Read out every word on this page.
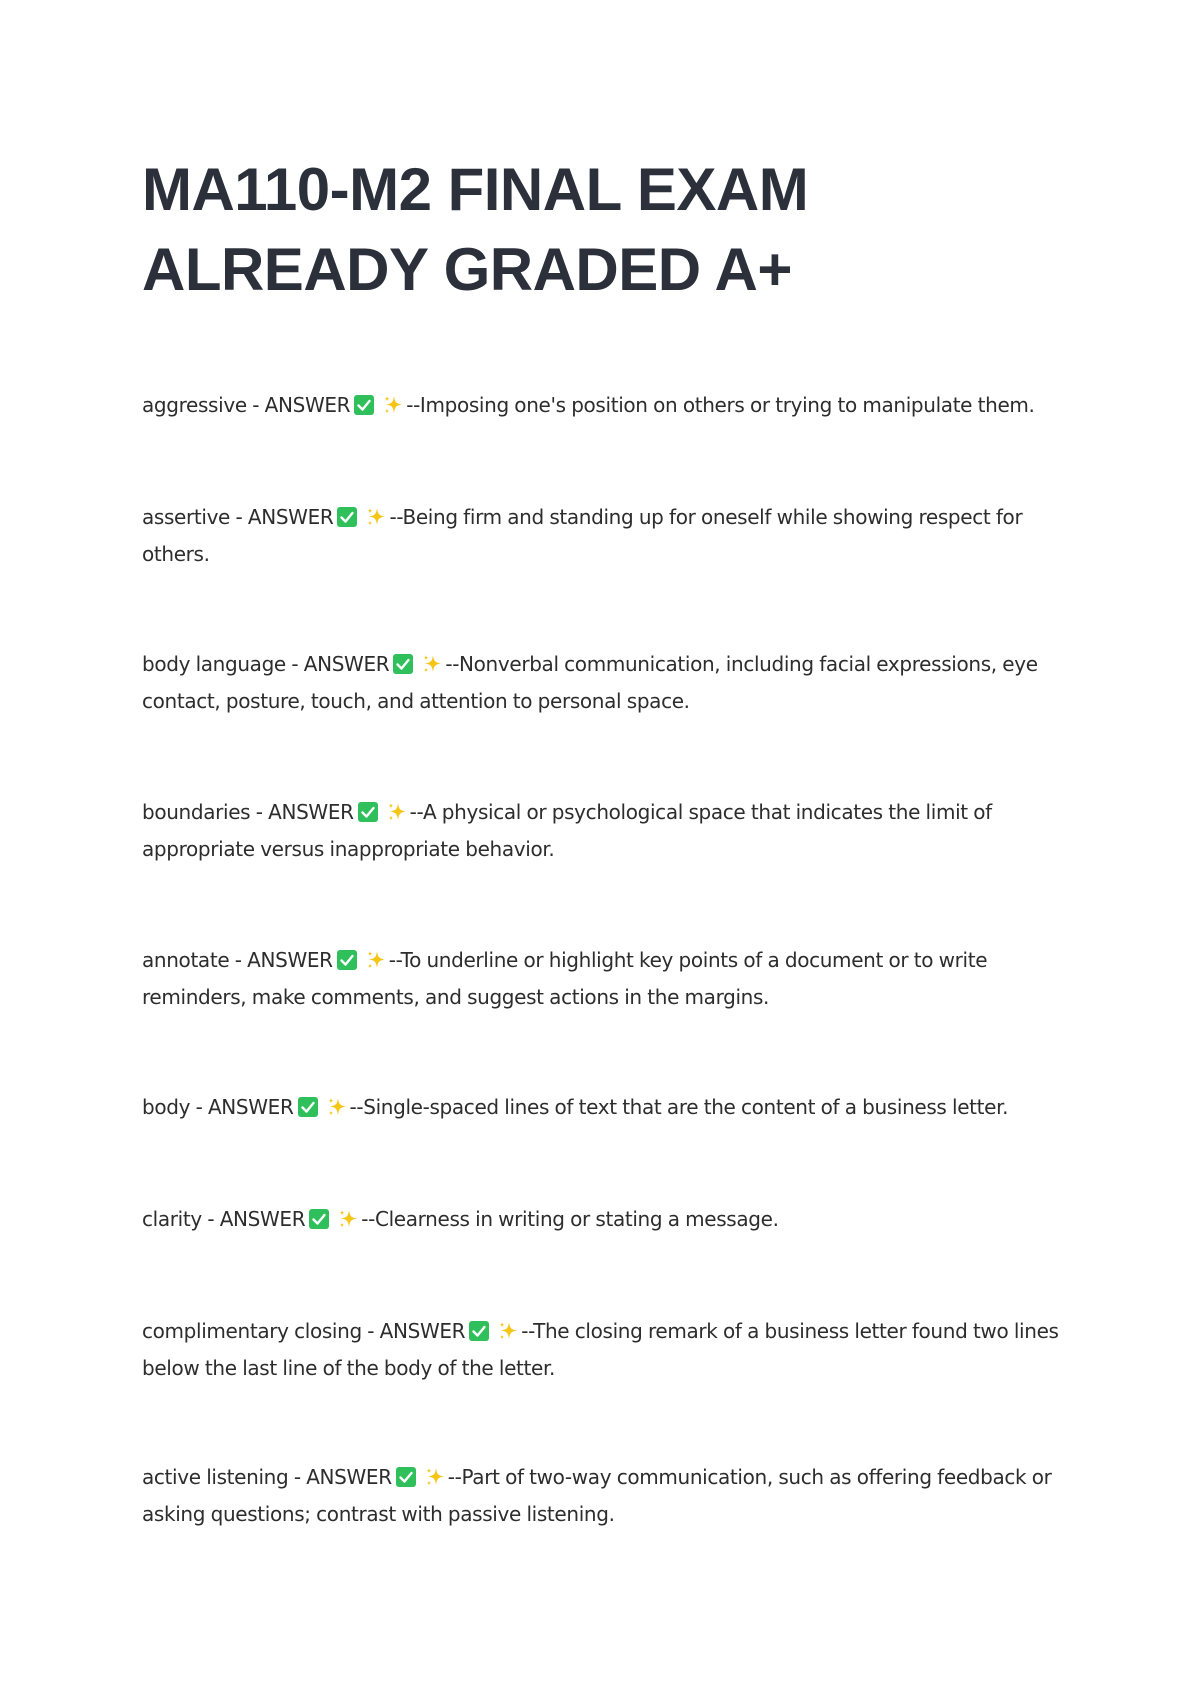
MA110-M2 FINAL EXAM ALREADY GRADED A+

aggressive - ANSWER	--Imposing one's position on others or trying to manipulate them.

assertive - ANSWER	--Being firm and standing up for oneself while showing respect for others.

body language - ANSWER	--Nonverbal communication, including facial expressions, eye contact, posture, touch, and attention to personal space.

boundaries - ANSWER	--A physical or psychological space that indicates the limit of appropriate versus inappropriate behavior.

annotate - ANSWER	--To underline or highlight key points of a document or to write reminders, make comments, and suggest actions in the margins.

body - ANSWER	--Single-spaced lines of text that are the content of a business letter.

clarity - ANSWER	--Clearness in writing or stating a message.

complimentary closing - ANSWER	--The closing remark of a business letter found two lines below the last line of the body of the letter.

active listening - ANSWER	--Part of two-way communication, such as offering feedback or asking questions; contrast with passive listening.
